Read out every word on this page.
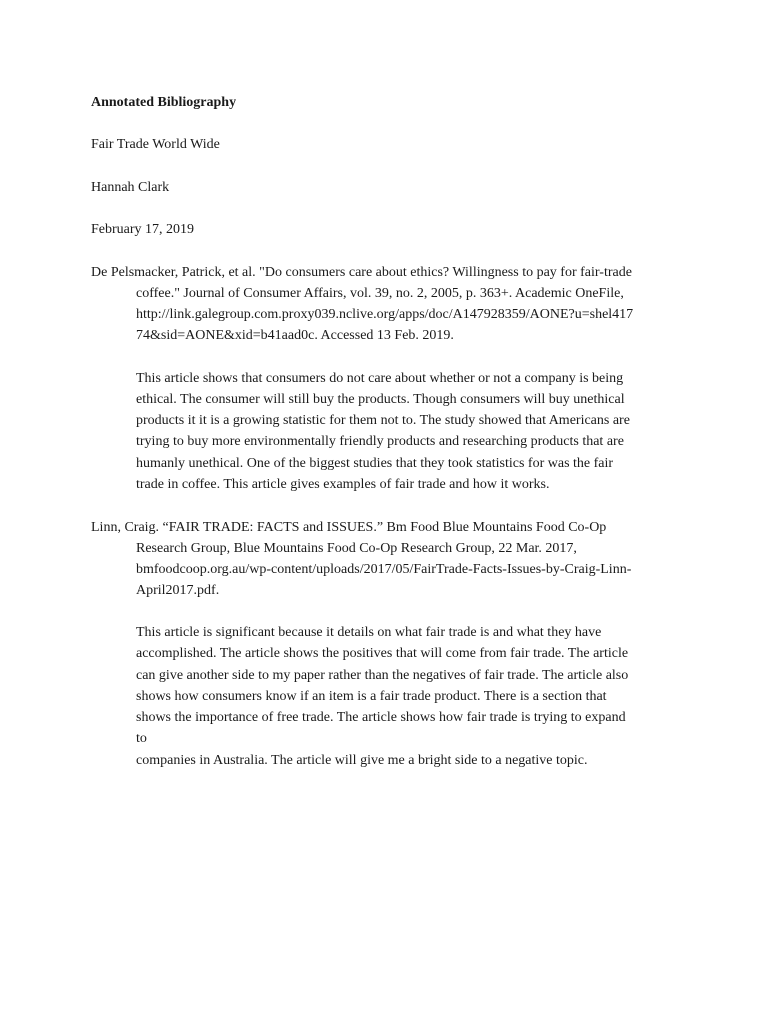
Annotated Bibliography
Fair Trade World Wide
Hannah Clark
February 17, 2019
De Pelsmacker, Patrick, et al. "Do consumers care about ethics? Willingness to pay for fair-trade
coffee." Journal of Consumer Affairs, vol. 39, no. 2, 2005, p. 363+. Academic OneFile,
http://link.galegroup.com.proxy039.nclive.org/apps/doc/A147928359/AONE?u=shel417
74&sid=AONE&xid=b41aad0c. Accessed 13 Feb. 2019.
This article shows that consumers do not care about whether or not a company is being
ethical. The consumer will still buy the products. Though consumers will buy unethical
products it it is a growing statistic for them not to. The study showed that Americans are
trying to buy more environmentally friendly products and researching products that are
humanly unethical. One of the biggest studies that they took statistics for was the fair
trade in coffee. This article gives examples of fair trade and how it works.
Linn, Craig. “FAIR TRADE: FACTS and ISSUES.” Bm Food Blue Mountains Food Co-Op
Research Group, Blue Mountains Food Co-Op Research Group, 22 Mar. 2017,
bmfoodcoop.org.au/wp-content/uploads/2017/05/FairTrade-Facts-Issues-by-Craig-Linn-
April2017.pdf.
This article is significant because it details on what fair trade is and what they have
accomplished. The article shows the positives that will come from fair trade. The article
can give another side to my paper rather than the negatives of fair trade. The article also
shows how consumers know if an item is a fair trade product. There is a section that
shows the importance of free trade. The article shows how fair trade is trying to expand
to
companies in Australia. The article will give me a bright side to a negative topic.
